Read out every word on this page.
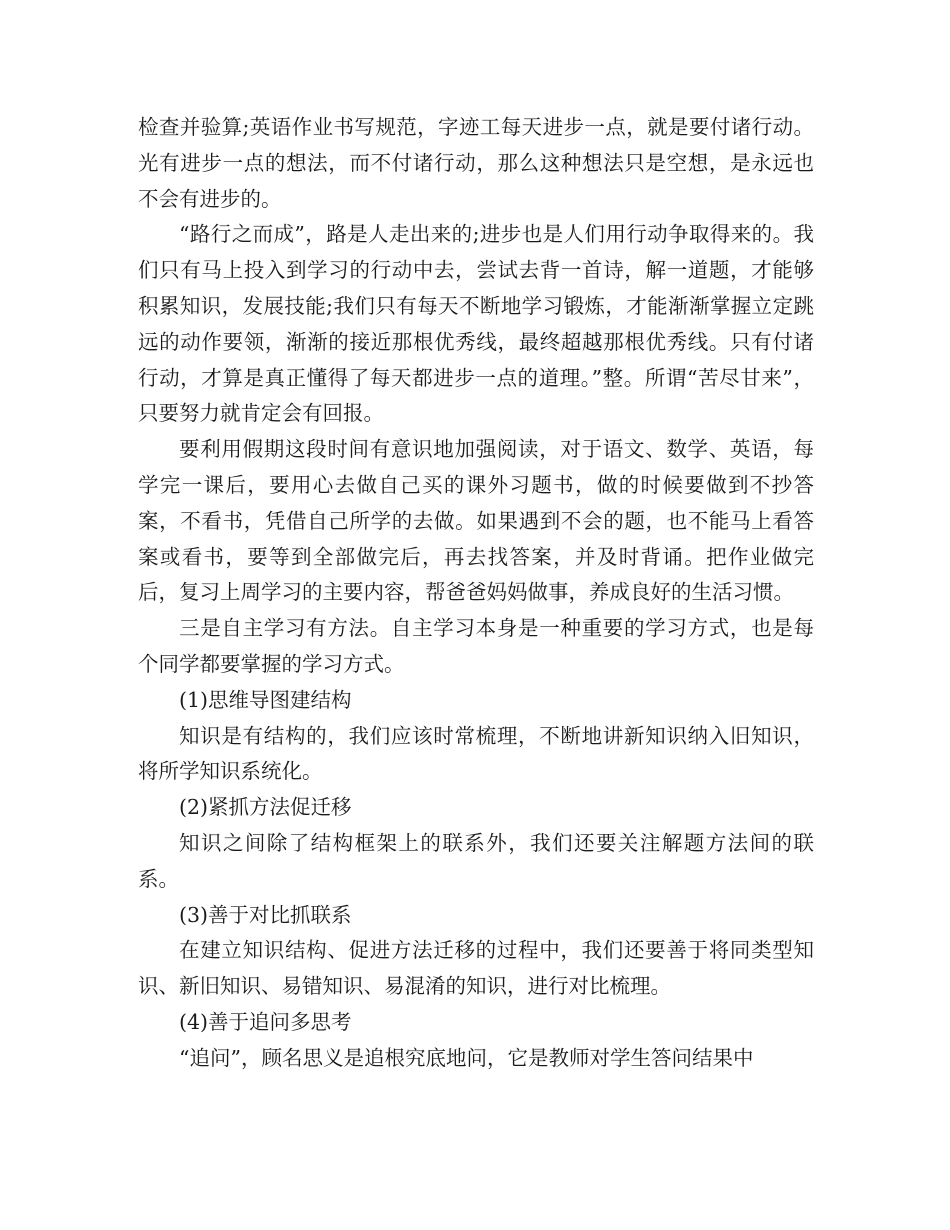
检查并验算;英语作业书写规范，字迹工每天进步一点，就是要付诸行动。光有进步一点的想法，而不付诸行动，那么这种想法只是空想，是永远也不会有进步的。

“路行之而成”，路是人走出来的;进步也是人们用行动争取得来的。我们只有马上投入到学习的行动中去，尝试去背一首诗，解一道题，才能够积累知识，发展技能;我们只有每天不断地学习锻炼，才能渐渐掌握立定跳远的动作要领，渐渐的接近那根优秀线，最终超越那根优秀线。只有付诸行动，才算是真正懂得了每天都进步一点的道理。”整。所谓“苦尽甘来”，只要努力就肯定会有回报。

要利用假期这段时间有意识地加强阅读，对于语文、数学、英语，每学完一课后，要用心去做自己买的课外习题书，做的时候要做到不抄答案，不看书，凭借自己所学的去做。如果遇到不会的题，也不能马上看答案或看书，要等到全部做完后，再去找答案，并及时背诵。把作业做完后，复习上周学习的主要内容，帮爸爸妈妈做事，养成良好的生活习惯。

三是自主学习有方法。自主学习本身是一种重要的学习方式，也是每个同学都要掌握的学习方式。

(1)思维导图建结构

知识是有结构的，我们应该时常梳理，不断地讲新知识纳入旧知识，将所学知识系统化。

(2)紧抓方法促迁移

知识之间除了结构框架上的联系外，我们还要关注解题方法间的联系。

(3)善于对比抓联系

在建立知识结构、促进方法迁移的过程中，我们还要善于将同类型知识、新旧知识、易错知识、易混淆的知识，进行对比梳理。

(4)善于追问多思考

“追问”，顾名思义是追根究底地问，它是教师对学生答问结果中
